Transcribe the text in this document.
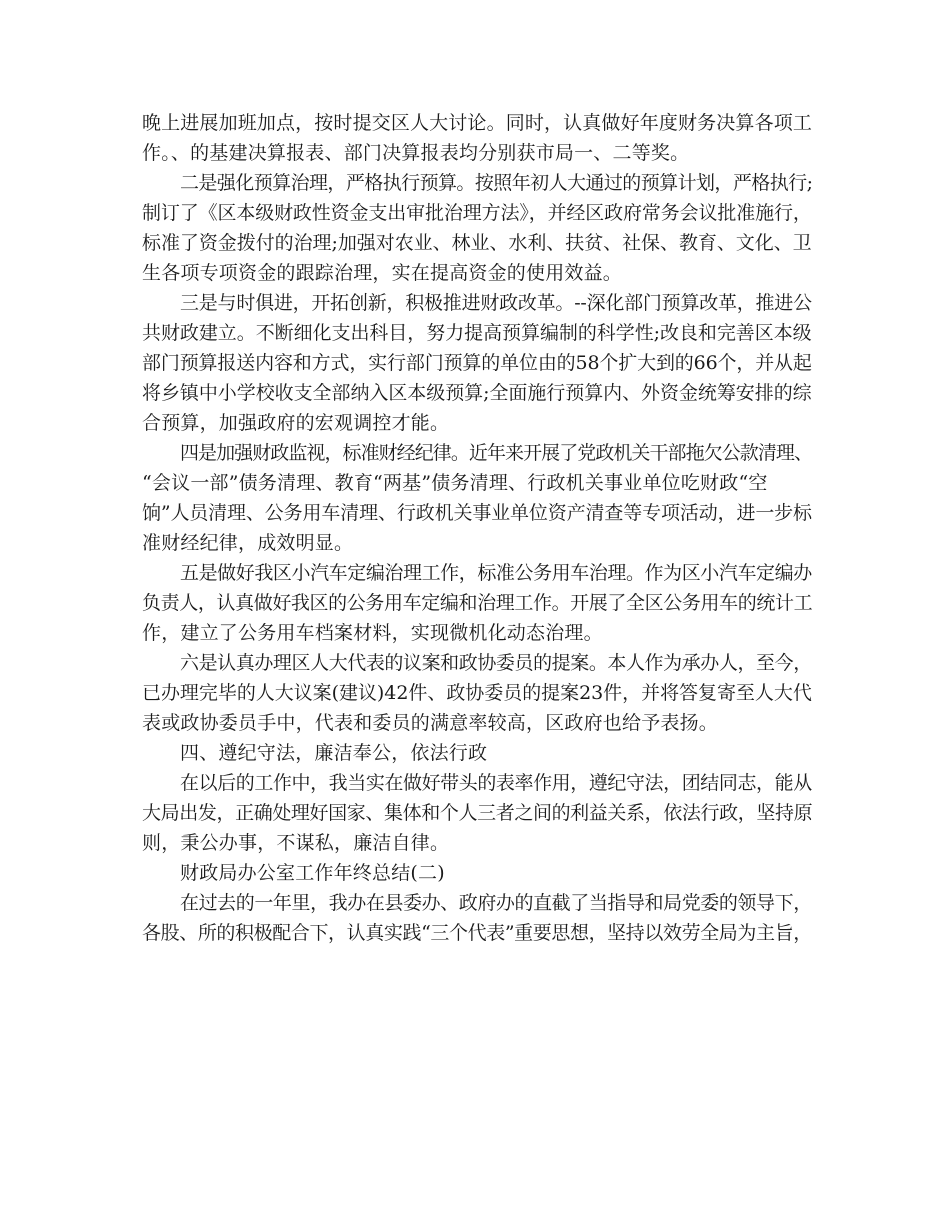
晚上进展加班加点，按时提交区人大讨论。同时，认真做好年度财务决算各项工
作。、的基建决算报表、部门决算报表均分别获市局一、二等奖。
二是强化预算治理，严格执行预算。按照年初人大通过的预算计划，严格执行;
制订了《区本级财政性资金支出审批治理方法》，并经区政府常务会议批准施行，
标准了资金拨付的治理;加强对农业、林业、水利、扶贫、社保、教育、文化、卫
生各项专项资金的跟踪治理，实在提高资金的使用效益。
三是与时俱进，开拓创新，积极推进财政改革。--深化部门预算改革，推进公
共财政建立。不断细化支出科目，努力提高预算编制的科学性;改良和完善区本级
部门预算报送内容和方式，实行部门预算的单位由的58个扩大到的66个，并从起
将乡镇中小学校收支全部纳入区本级预算;全面施行预算内、外资金统筹安排的综
合预算，加强政府的宏观调控才能。
四是加强财政监视，标准财经纪律。近年来开展了党政机关干部拖欠公款清理、
“会议一部”债务清理、教育“两基”债务清理、行政机关事业单位吃财政“空
饷”人员清理、公务用车清理、行政机关事业单位资产清查等专项活动，进一步标
准财经纪律，成效明显。
五是做好我区小汽车定编治理工作，标准公务用车治理。作为区小汽车定编办
负责人，认真做好我区的公务用车定编和治理工作。开展了全区公务用车的统计工
作，建立了公务用车档案材料，实现微机化动态治理。
六是认真办理区人大代表的议案和政协委员的提案。本人作为承办人，至今，
已办理完毕的人大议案(建议)42件、政协委员的提案23件，并将答复寄至人大代
表或政协委员手中，代表和委员的满意率较高，区政府也给予表扬。
四、遵纪守法，廉洁奉公，依法行政
在以后的工作中，我当实在做好带头的表率作用，遵纪守法，团结同志，能从
大局出发，正确处理好国家、集体和个人三者之间的利益关系，依法行政，坚持原
则，秉公办事，不谋私，廉洁自律。
财政局办公室工作年终总结(二)
在过去的一年里，我办在县委办、政府办的直截了当指导和局党委的领导下，
各股、所的积极配合下，认真实践“三个代表”重要思想，坚持以效劳全局为主旨，
